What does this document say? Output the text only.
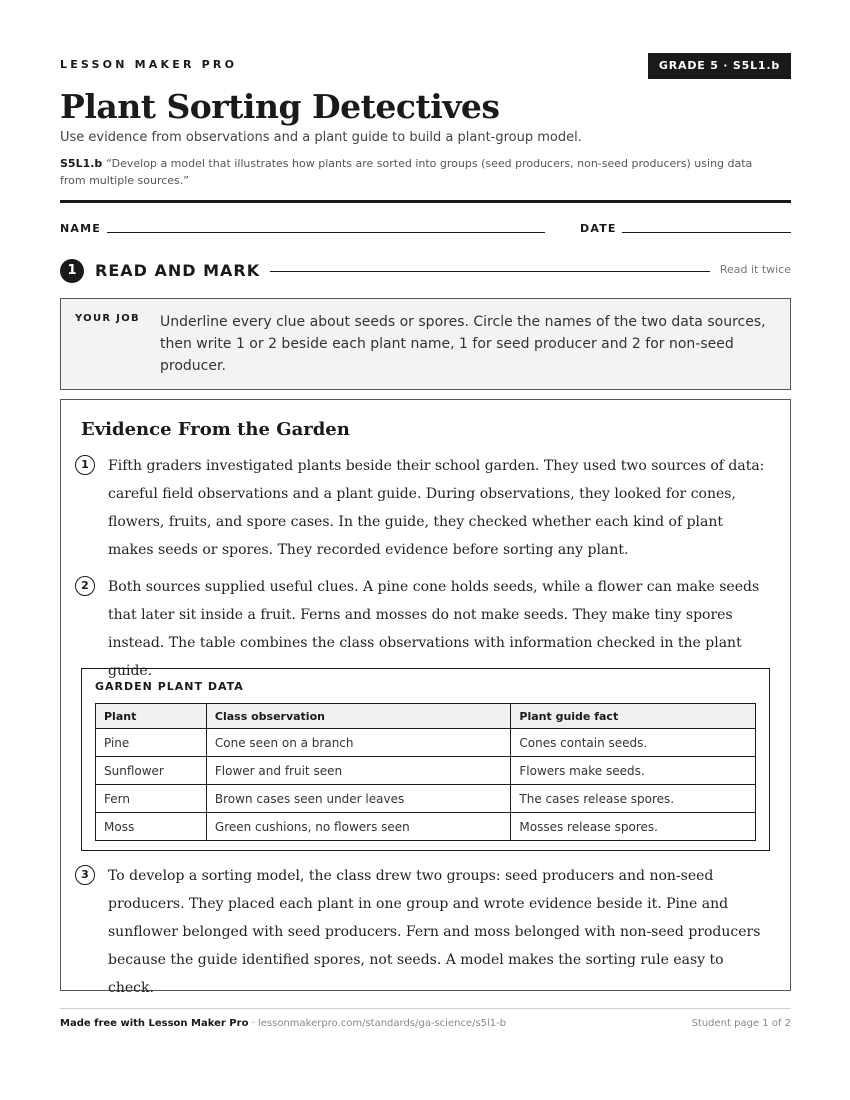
LESSON MAKER PRO	GRADE 5 · S5L1.b
Plant Sorting Detectives
Use evidence from observations and a plant guide to build a plant-group model.
S5L1.b “Develop a model that illustrates how plants are sorted into groups (seed producers, non-seed producers) using data from multiple sources.”
NAME	DATE
1	READ AND MARK	Read it twice
YOUR JOB Underline every clue about seeds or spores. Circle the names of the two data sources, then write 1 or 2 beside each plant name, 1 for seed producer and 2 for non-seed producer.
Evidence From the Garden
1	Fifth graders investigated plants beside their school garden. They used two sources of data: careful field observations and a plant guide. During observations, they looked for cones, flowers, fruits, and spore cases. In the guide, they checked whether each kind of plant makes seeds or spores. They recorded evidence before sorting any plant.
2	Both sources supplied useful clues. A pine cone holds seeds, while a flower can make seeds that later sit inside a fruit. Ferns and mosses do not make seeds. They make tiny spores instead. The table combines the class observations with information checked in the plant guide.
GARDEN PLANT DATA
Plant	Class observation	Plant guide fact
Pine	Cone seen on a branch	Cones contain seeds.
Sunflower	Flower and fruit seen	Flowers make seeds.
Fern	Brown cases seen under leaves	The cases release spores.
Moss	Green cushions, no flowers seen	Mosses release spores.
3	To develop a sorting model, the class drew two groups: seed producers and non-seed producers. They placed each plant in one group and wrote evidence beside it. Pine and sunflower belonged with seed producers. Fern and moss belonged with non-seed producers because the guide identified spores, not seeds. A model makes the sorting rule easy to check.
Made free with Lesson Maker Pro · lessonmakerpro.com/standards/ga-science/s5l1-b	Student page 1 of 2
